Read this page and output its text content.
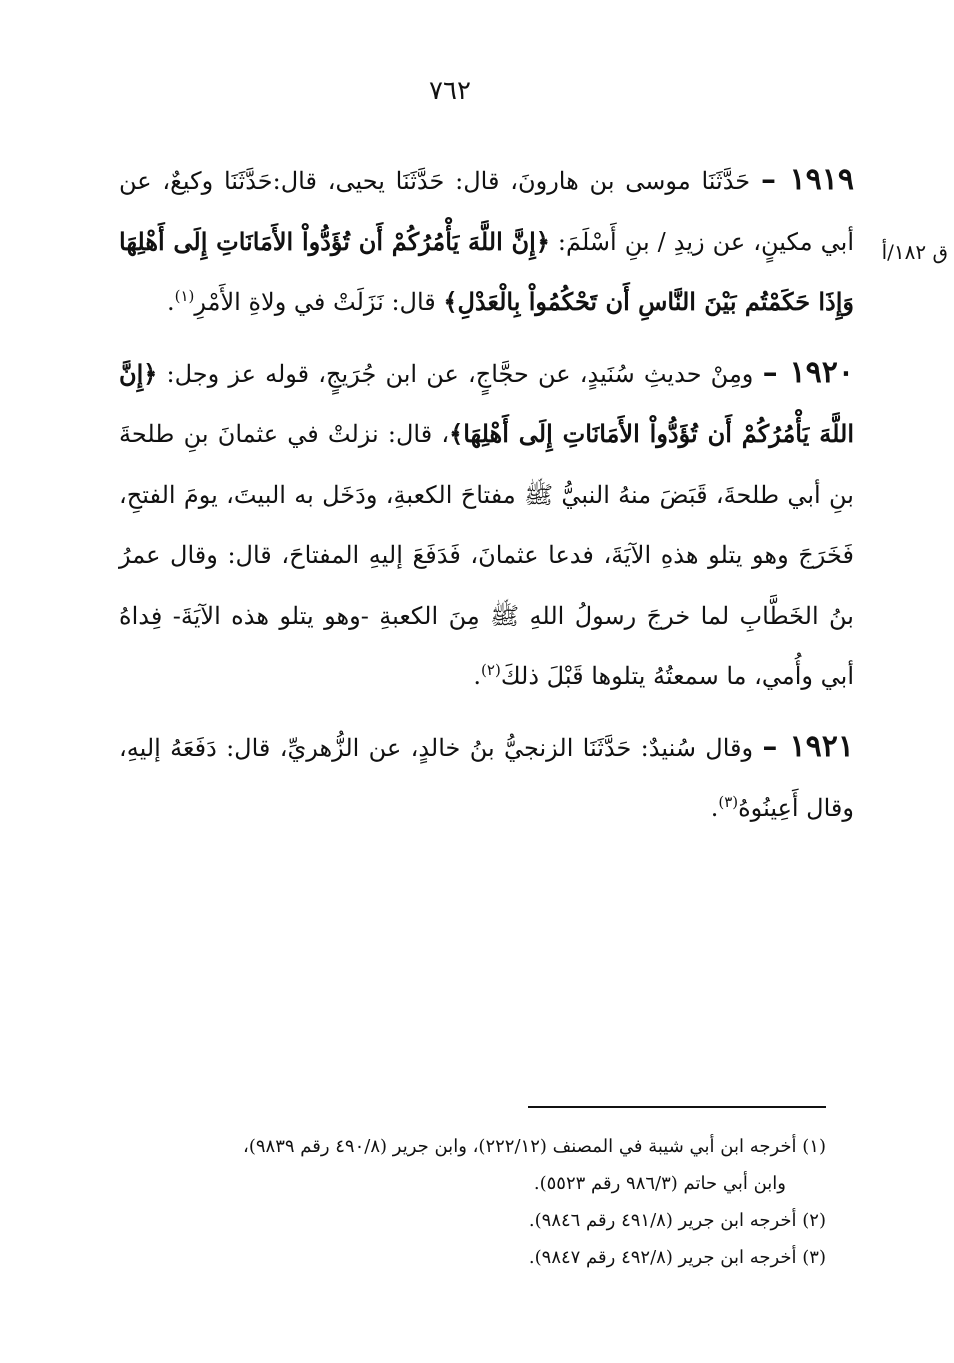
٧٦٢
ق ١٨٢/أ

١٩١٩ – حَدَّثَنَا موسى بن هارونَ، قال: حَدَّثَنَا يحيى، قال:حَدَّثَنَا وكيعٌ، عن أبي مكينٍ، عن زيدِ / بنِ أَسْلَمَ: ﴿إِنَّ اللَّهَ يَأْمُرُكُمْ أَن تُؤَدُّواْ الأَمَانَاتِ إِلَى أَهْلِهَا وَإِذَا حَكَمْتُم بَيْنَ النَّاسِ أَن تَحْكُمُواْ بِالْعَدْلِ﴾ قال: نَزَلَتْ في ولاةِ الأَمْرِ$^{(١)}$.

١٩٢٠ – ومِنْ حديثِ سُنَيدٍ، عن حجَّاجٍ، عن ابن جُرَيجٍ، قوله عز وجل: ﴿إِنَّ اللَّهَ يَأْمُرُكُمْ أَن تُؤَدُّواْ الأَمَانَاتِ إِلَى أَهْلِهَا﴾، قال: نزلتْ في عثمانَ بنِ طلحةَ بنِ أبي طلحةَ، قَبَضَ منهُ النبيُّ ﷺ مفتاحَ الكعبةِ، ودَخَل به البيتَ، يومَ الفتحِ، فَخَرَجَ وهو يتلو هذهِ الآيَةَ، فدعا عثمانَ، فَدَفَعَ إليهِ المفتاحَ، قال: وقال عمرُ بنُ الخَطَّابِ لما خرجَ رسولُ اللهِ ﷺ مِنَ الكعبةِ -وهو يتلو هذه الآيَةَ- فِداهُ أبي وأُمي، ما سمعتُهُ يتلوها قَبْلَ ذلكَ$^{(٢)}$.

١٩٢١ – وقال سُنيدٌ: حَدَّثَنَا الزنجيُّ بنُ خالدٍ، عن الزُّهريِّ، قال: دَفَعَهُ إليهِ، وقال أَعِينُوهُ$^{(٣)}$.

(١) أخرجه ابن أبي شيبة في المصنف (٢٢٢/١٢)، وابن جرير (٤٩٠/٨ رقم ٩٨٣٩)،

وابن أبي حاتم (٩٨٦/٣ رقم ٥٥٢٣).

(٢) أخرجه ابن جرير (٤٩١/٨ رقم ٩٨٤٦).

(٣) أخرجه ابن جرير (٤٩٢/٨ رقم ٩٨٤٧).
